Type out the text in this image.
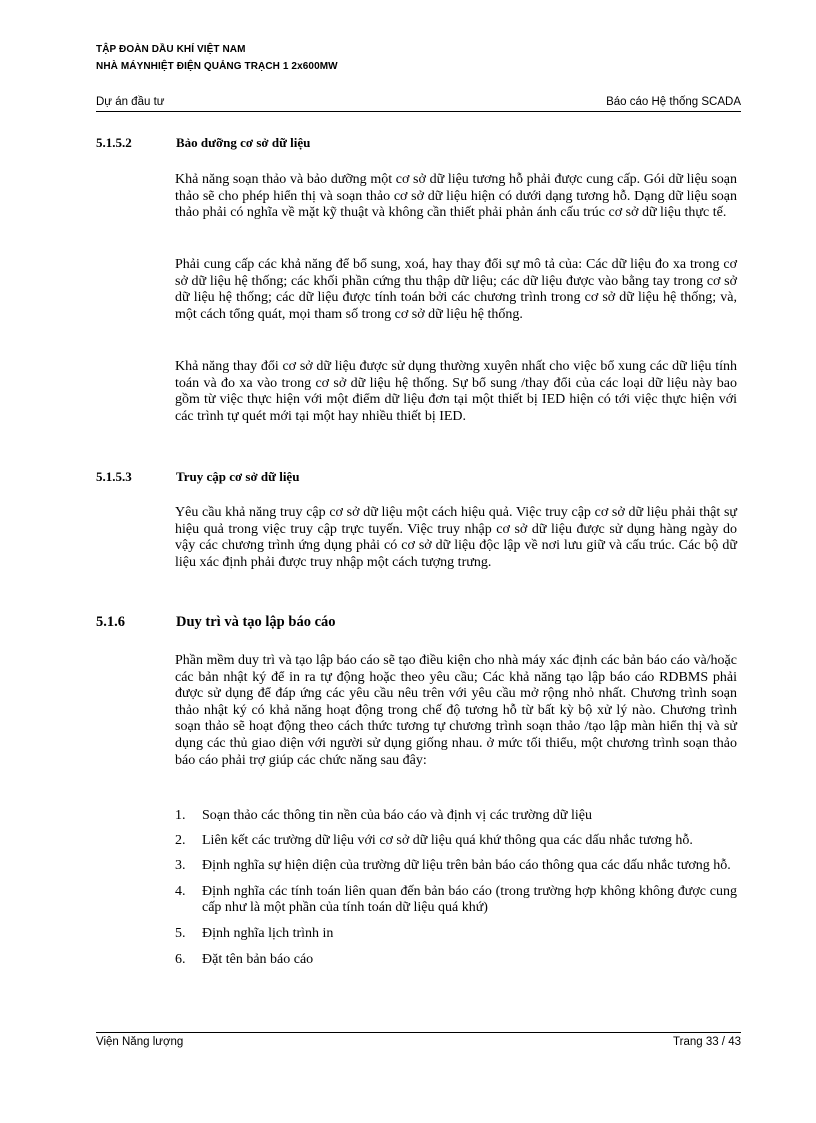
TẬP ĐOÀN DẦU KHÍ VIỆT NAM
NHÀ MÁYNHIỆT ĐIỆN QUẢNG TRẠCH 1 2x600MW
Dự án đầu tư	Báo cáo Hệ thống SCADA
5.1.5.2	Bảo dưỡng cơ sở dữ liệu

Khả năng soạn thảo và bảo dưỡng một cơ sở dữ liệu tương hỗ phải được cung cấp. Gói dữ liệu soạn thảo sẽ cho phép hiển thị và soạn thảo cơ sở dữ liệu hiện có dưới dạng tương hỗ. Dạng dữ liệu soạn thảo phải có nghĩa về mặt kỹ thuật và không cần thiết phải phản ánh cấu trúc cơ sở dữ liệu thực tế.

Phải cung cấp các khả năng để bổ sung, xoá, hay thay đổi sự mô tả của: Các dữ liệu đo xa trong cơ sở dữ liệu hệ thống; các khối phần cứng thu thập dữ liệu; các dữ liệu được vào bằng tay trong cơ sở dữ liệu hệ thống; các dữ liệu được tính toán bởi các chương trình trong cơ sở dữ liệu hệ thống; và, một cách tổng quát, mọi tham số trong cơ sở dữ liệu hệ thống.

Khả năng thay đổi cơ sở dữ liệu được sử dụng thường xuyên nhất cho việc bổ xung các dữ liệu tính toán và đo xa vào trong cơ sở dữ liệu hệ thống. Sự bổ sung /thay đổi của các loại dữ liệu này bao gồm từ việc thực hiện với một điểm dữ liệu đơn tại một thiết bị IED hiện có tới việc thực hiện với các trình tự quét mới tại một hay nhiều thiết bị IED.

5.1.5.3	Truy cập cơ sở dữ liệu

Yêu cầu khả năng truy cập cơ sở dữ liệu một cách hiệu quả. Việc truy cập cơ sở dữ liệu phải thật sự hiệu quả trong việc truy cập trực tuyến. Việc truy nhập cơ sở dữ liệu được sử dụng hàng ngày do vậy các chương trình ứng dụng phải có cơ sở dữ liệu độc lập về nơi lưu giữ và cấu trúc. Các bộ dữ liệu xác định phải được truy nhập một cách tượng trưng.

5.1.6	Duy trì và tạo lập báo cáo

Phần mềm duy trì và tạo lập báo cáo sẽ tạo điều kiện cho nhà máy xác định các bản báo cáo và/hoặc các bản nhật ký để in ra tự động hoặc theo yêu cầu; Các khả năng tạo lập báo cáo RDBMS phải được sử dụng để đáp ứng các yêu cầu nêu trên với yêu cầu mở rộng nhỏ nhất. Chương trình soạn thảo nhật ký có khả năng hoạt động trong chế độ tương hỗ từ bất kỳ bộ xử lý nào. Chương trình soạn thảo sẽ hoạt động theo cách thức tương tự chương trình soạn thảo /tạo lập màn hiển thị và sử dụng các thủ giao diện với người sử dụng giống nhau. ở mức tối thiểu, một chương trình soạn thảo báo cáo phải trợ giúp các chức năng sau đây:

1. Soạn thảo các thông tin nền của báo cáo và định vị các trường dữ liệu
2. Liên kết các trường dữ liệu với cơ sở dữ liệu quá khứ thông qua các dấu nhắc tương hỗ.
3. Định nghĩa sự hiện diện của trường dữ liệu trên bản báo cáo thông qua các dấu nhắc tương hỗ.
4. Định nghĩa các tính toán liên quan đến bản báo cáo (trong trường hợp không không được cung cấp như là một phần của tính toán dữ liệu quá khứ)
5. Định nghĩa lịch trình in
6. Đặt tên bản báo cáo
Viện Năng lượng	Trang 33 / 43
